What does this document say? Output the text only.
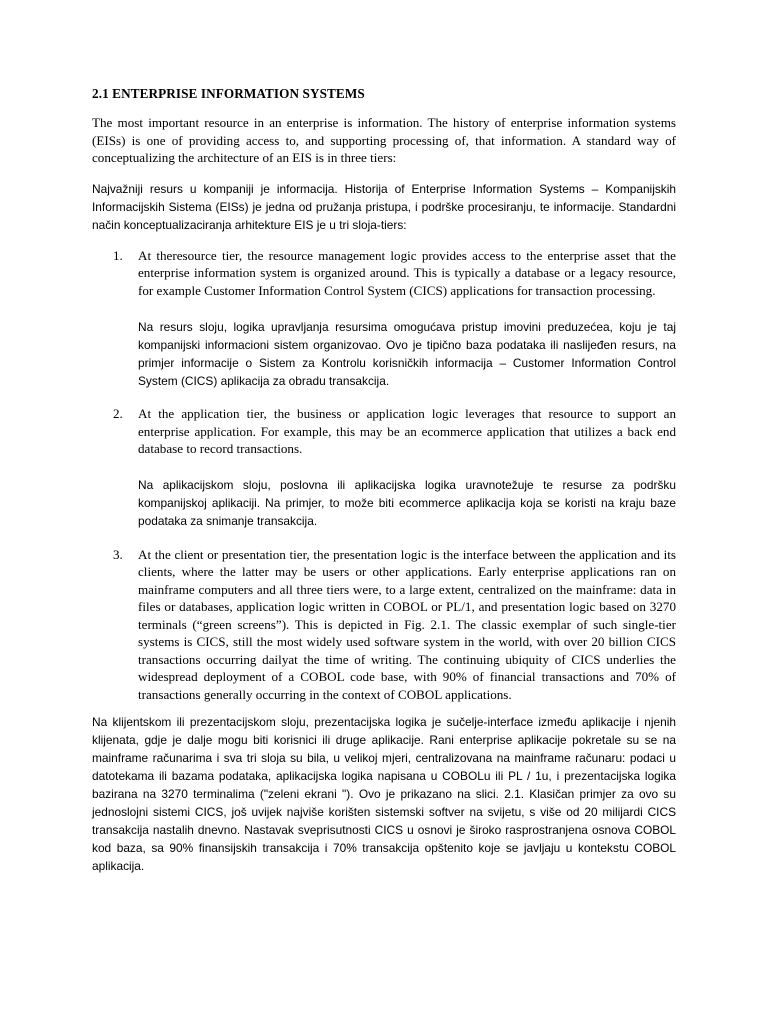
2.1 ENTERPRISE INFORMATION SYSTEMS

The most important resource in an enterprise is information. The history of enterprise information systems (EISs) is one of providing access to, and supporting processing of, that information. A standard way of conceptualizing the architecture of an EIS is in three tiers:

Najvažniji resurs u kompaniji je informacija. Historija of Enterprise Information Systems – Kompanijskih Informacijskih Sistema (EISs) je jedna od pružanja pristupa, i podrške procesiranju, te informacije. Standardni način konceptualizaciranja arhitekture EIS je u tri sloja-tiers:

1. At theresource tier, the resource management logic provides access to the enterprise asset that the enterprise information system is organized around. This is typically a database or a legacy resource, for example Customer Information Control System (CICS) applications for transaction processing.

Na resurs sloju, logika upravljanja resursima omogućava pristup imovini preduzećea, koju je taj kompanijski informacioni sistem organizovao. Ovo je tipično baza podataka ili naslijeđen resurs, na primjer informacije o Sistem za Kontrolu korisničkih informacija – Customer Information Control System (CICS) aplikacija za obradu transakcija.

2. At the application tier, the business or application logic leverages that resource to support an enterprise application. For example, this may be an ecommerce application that utilizes a back end database to record transactions.

Na aplikacijskom sloju, poslovna ili aplikacijska logika uravnotežuje te resurse za podršku kompanijskoj aplikaciji. Na primjer, to može biti ecommerce aplikacija koja se koristi na kraju baze podataka za snimanje transakcija.

3. At the client or presentation tier, the presentation logic is the interface between the application and its clients, where the latter may be users or other applications. Early enterprise applications ran on mainframe computers and all three tiers were, to a large extent, centralized on the mainframe: data in files or databases, application logic written in COBOL or PL/1, and presentation logic based on 3270 terminals (“green screens”). This is depicted in Fig. 2.1. The classic exemplar of such single-tier systems is CICS, still the most widely used software system in the world, with over 20 billion CICS transactions occurring dailyat the time of writing. The continuing ubiquity of CICS underlies the widespread deployment of a COBOL code base, with 90% of financial transactions and 70% of transactions generally occurring in the context of COBOL applications.

Na klijentskom ili prezentacijskom sloju, prezentacijska logika je sučelje-interface između aplikacije i njenih klijenata, gdje je dalje mogu biti korisnici ili druge aplikacije. Rani enterprise aplikacije pokretale su se na mainframe računarima i sva tri sloja su bila, u velikoj mjeri, centralizovana na mainframe računaru: podaci u datotekama ili bazama podataka, aplikacijska logika napisana u COBOLu ili PL / 1u, i prezentacijska logika bazirana na 3270 terminalima ("zeleni ekrani "). Ovo je prikazano na slici. 2.1. Klasičan primjer za ovo su jednoslojni sistemi CICS, još uvijek najviše korišten sistemski softver na svijetu, s više od 20 milijardi CICS transakcija nastalih dnevno. Nastavak sveprisutnosti CICS u osnovi je široko rasprostranjena osnova COBOL kod baza, sa 90% finansijskih transakcija i 70% transakcija opštenito koje se javljaju u kontekstu COBOL aplikacija.
